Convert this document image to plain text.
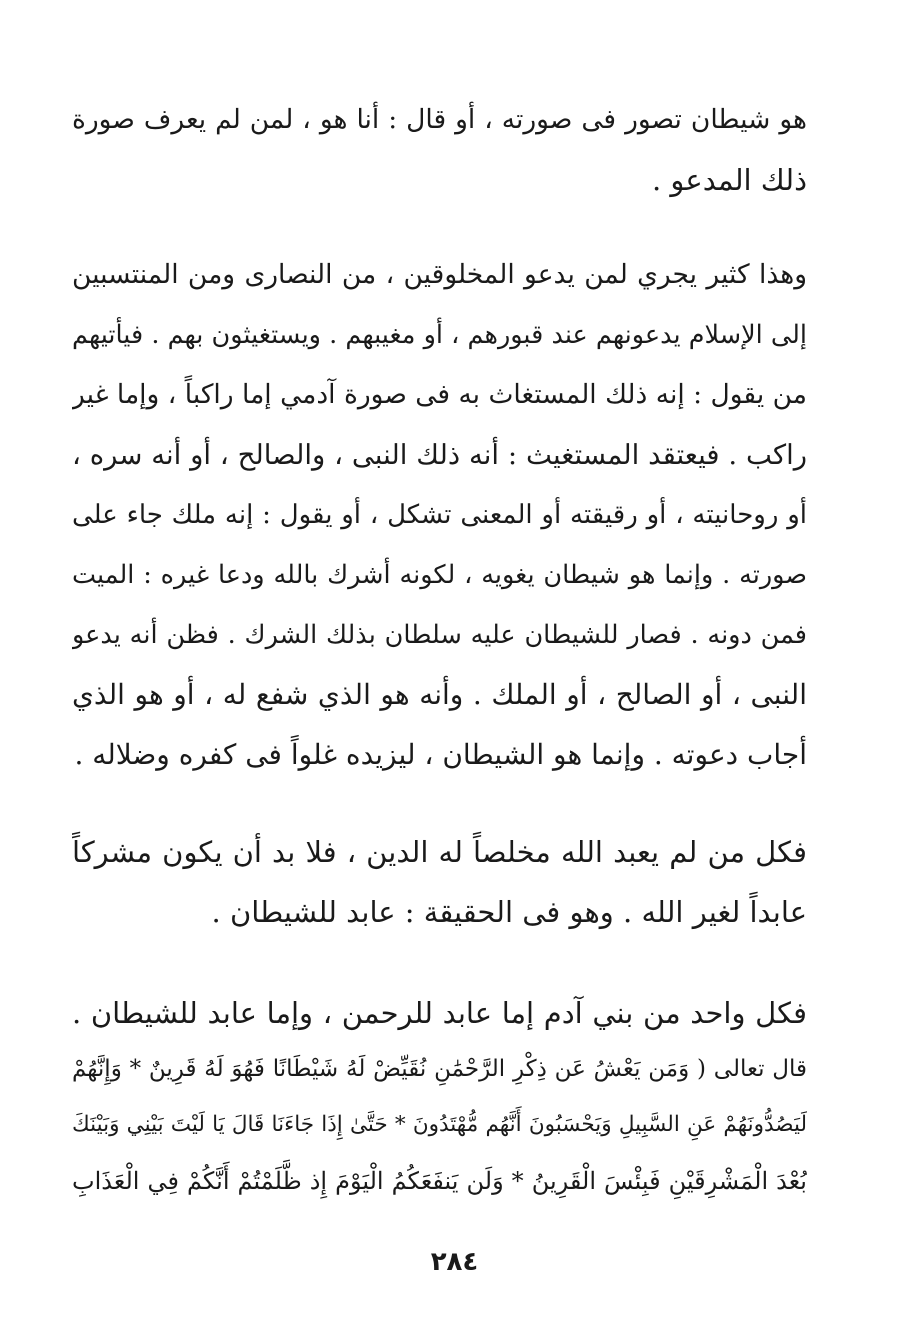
هو شيطان تصور فى صورته ، أو قال : أنا هو ، لمن لم يعرف صورة
ذلك المدعو .
وهذا كثير يجري لمن يدعو المخلوقين ، من النصارى ومن المنتسبين
إلى الإسلام يدعونهم عند قبورهم ، أو مغيبهم . ويستغيثون بهم . فيأتيهم
من يقول : إنه ذلك المستغاث به فى صورة آدمي إما راكباً ، وإما غير
راكب . فيعتقد المستغيث : أنه ذلك النبى ، والصالح ، أو أنه سره ،
أو روحانيته ، أو رقيقته أو المعنى تشكل ، أو يقول : إنه ملك جاء على
صورته . وإنما هو شيطان يغويه ، لكونه أشرك بالله ودعا غيره : الميت
فمن دونه . فصار للشيطان عليه سلطان بذلك الشرك . فظن أنه يدعو
النبى ، أو الصالح ، أو الملك . وأنه هو الذي شفع له ، أو هو الذي
أجاب دعوته . وإنما هو الشيطان ، ليزيده غلواً فى كفره وضلاله .
فكل من لم يعبد الله مخلصاً له الدين ، فلا بد أن يكون مشركاً
عابداً لغير الله . وهو فى الحقيقة : عابد للشيطان .
فكل واحد من بني آدم إما عابد للرحمن ، وإما عابد للشيطان .
قال تعالى ( وَمَن يَعْشُ عَن ذِكْرِ الرَّحْمَٰنِ نُقَيِّضْ لَهُ شَيْطَانًا فَهُوَ لَهُ قَرِينٌ * وَإِنَّهُمْ
لَيَصُدُّونَهُمْ عَنِ السَّبِيلِ وَيَحْسَبُونَ أَنَّهُم مُّهْتَدُونَ * حَتَّىٰ إِذَا جَاءَنَا قَالَ يَا لَيْتَ بَيْنِي وَبَيْنَكَ
بُعْدَ الْمَشْرِقَيْنِ فَبِئْسَ الْقَرِينُ * وَلَن يَنفَعَكُمُ الْيَوْمَ إِذ ظَّلَمْتُمْ أَنَّكُمْ فِي الْعَذَابِ
٢٨٤
